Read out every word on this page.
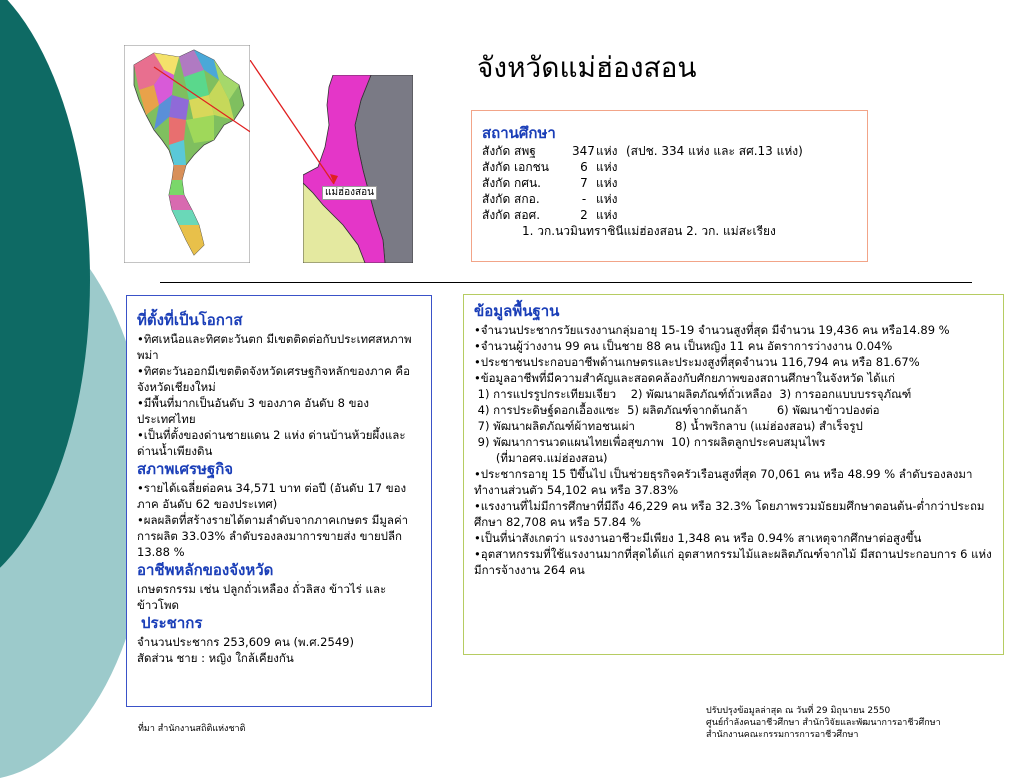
แม่ฮ่องสอน
จังหวัดแม่ฮ่องสอน
สถานศึกษา
สังกัด สพฐ	347แห่ง (สปช. 334 แห่ง และ สศ.13 แห่ง)
สังกัด เอกชน	6 แห่ง
สังกัด กศน.	7 แห่ง
สังกัด สกอ.	- แห่ง
สังกัด สอศ.	2 แห่ง
1. วก.นวมินทราชินีแม่ฮ่องสอน 2. วก. แม่สะเรียง
ที่ตั้งที่เป็นโอกาส
•ทิศเหนือและทิศตะวันตก มีเขตติดต่อกับประเทศสหภาพพม่า
•ทิศตะวันออกมีเขตติดจังหวัดเศรษฐกิจหลักของภาค คือจังหวัดเชียงใหม่
•มีพื้นที่มากเป็นอันดับ 3 ของภาค อันดับ 8 ของประเทศไทย
•เป็นที่ตั้งของด่านชายแดน 2 แห่ง ด่านบ้านห้วยผึ้งและด่านน้ำเพียงดิน
สภาพเศรษฐกิจ
•รายได้เฉลี่ยต่อคน 34,571 บาท ต่อปี (อันดับ 17 ของภาค อันดับ 62 ของประเทศ)
•ผลผลิตที่สร้างรายได้ตามลำดับจากภาคเกษตร มีมูลค่าการผลิต 33.03% ลำดับรองลงมาการขายส่ง ขายปลีก 13.88 %
อาชีพหลักของจังหวัด
เกษตรกรรม เช่น ปลูกถั่วเหลือง ถั่วลิสง ข้าวไร่ และข้าวโพด
ประชากร
จำนวนประชากร 253,609 คน (พ.ศ.2549)
สัดส่วน ชาย : หญิง ใกล้เคียงกัน
ข้อมูลพื้นฐาน
•จำนวนประชากรวัยแรงงานกลุ่มอายุ 15-19 จำนวนสูงที่สุด มีจำนวน 19,436 คน หรือ14.89 %
•จำนวนผู้ว่างงาน 99 คน เป็นชาย 88 คน เป็นหญิง 11 คน อัตราการว่างงาน 0.04%
•ประชาชนประกอบอาชีพด้านเกษตรและประมงสูงที่สุดจำนวน 116,794 คน หรือ 81.67%
•ข้อมูลอาชีพที่มีความสำคัญและสอดคล้องกับศักยภาพของสถานศึกษาในจังหวัด ได้แก่
1) การแปรรูปกระเทียมเจียว    2) พัฒนาผลิตภัณฑ์ถั่วเหลือง  3) การออกแบบบรรจุภัณฑ์
4) การประดิษฐ์ดอกเอื้องแซะ  5) ผลิตภัณฑ์จากต้นกล้า        6) พัฒนาข้าวปองต่อ
7) พัฒนาผลิตภัณฑ์ผ้าทอชนเผ่า           8) น้ำพริกลาบ (แม่ฮ่องสอน) สำเร็จรูป
9) พัฒนาการนวดแผนไทยเพื่อสุขภาพ  10) การผลิตลูกประคบสมุนไพร
(ที่มาอศจ.แม่ฮ่องสอน)
•ประชากรอายุ 15 ปีขึ้นไป เป็นช่วยธุรกิจครัวเรือนสูงที่สุด 70,061 คน หรือ 48.99 % ลำดับรองลงมาทำงานส่วนตัว 54,102 คน หรือ 37.83%
•แรงงานที่ไม่มีการศึกษาที่มีถึง 46,229 คน หรือ 32.3% โดยภาพรวมมัธยมศึกษาตอนต้น-ต่ำกว่าประถมศึกษา 82,708 คน หรือ 57.84 %
•เป็นที่น่าสังเกตว่า แรงงานอาชีวะมีเพียง 1,348 คน หรือ 0.94% สาเหตุจากศึกษาต่อสูงขึ้น
•อุตสาหกรรมที่ใช้แรงงานมากที่สุดได้แก่ อุตสาหกรรมไม้และผลิตภัณฑ์จากไม้ มีสถานประกอบการ 6 แห่ง มีการจ้างงาน 264 คน
ที่มา สำนักงานสถิติแห่งชาติ
ปรับปรุงข้อมูลล่าสุด ณ วันที่ 29 มิถุนายน 2550
ศูนย์กำลังคนอาชีวศึกษา สำนักวิจัยและพัฒนาการอาชีวศึกษา
สำนักงานคณะกรรมการการอาชีวศึกษา
